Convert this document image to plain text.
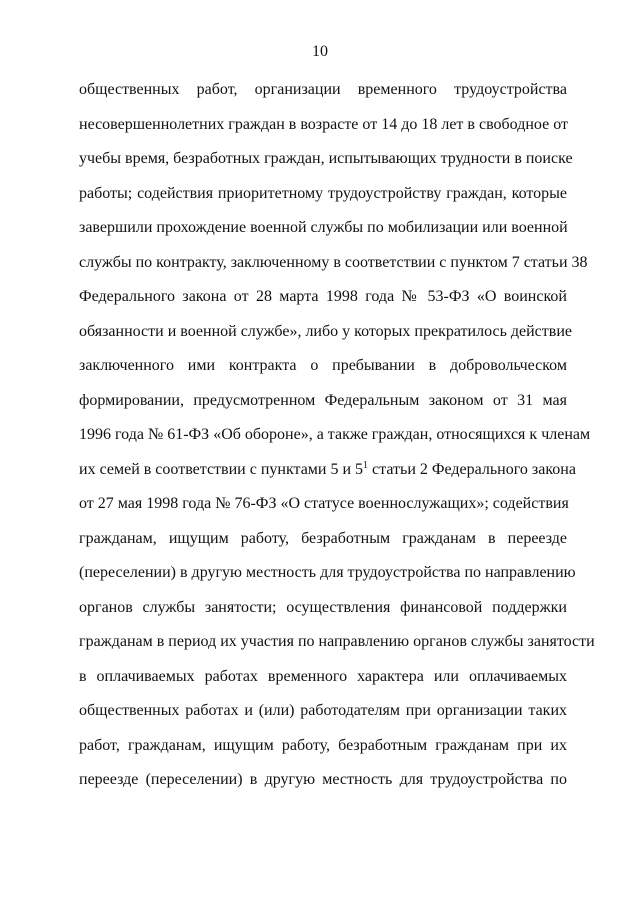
10
общественных работ, организации временного трудоустройства
несовершеннолетних граждан в возрасте от 14 до 18 лет в свободное от
учебы время, безработных граждан, испытывающих трудности в поиске
работы; содействия приоритетному трудоустройству граждан, которые
завершили прохождение военной службы по мобилизации или военной
службы по контракту, заключенному в соответствии с пунктом 7 статьи 38
Федерального закона от 28 марта 1998 года № 53-ФЗ «О воинской
обязанности и военной службе», либо у которых прекратилось действие
заключенного ими контракта о пребывании в добровольческом
формировании, предусмотренном Федеральным законом от 31 мая
1996 года № 61-ФЗ «Об обороне», а также граждан, относящихся к членам
их семей в соответствии с пунктами 5 и $5^1$ статьи 2 Федерального закона
от 27 мая 1998 года № 76-ФЗ «О статусе военнослужащих»; содействия
гражданам, ищущим работу, безработным гражданам в переезде
(переселении) в другую местность для трудоустройства по направлению
органов службы занятости; осуществления финансовой поддержки
гражданам в период их участия по направлению органов службы занятости
в оплачиваемых работах временного характера или оплачиваемых
общественных работах и (или) работодателям при организации таких
работ, гражданам, ищущим работу, безработным гражданам при их
переезде (переселении) в другую местность для трудоустройства по
